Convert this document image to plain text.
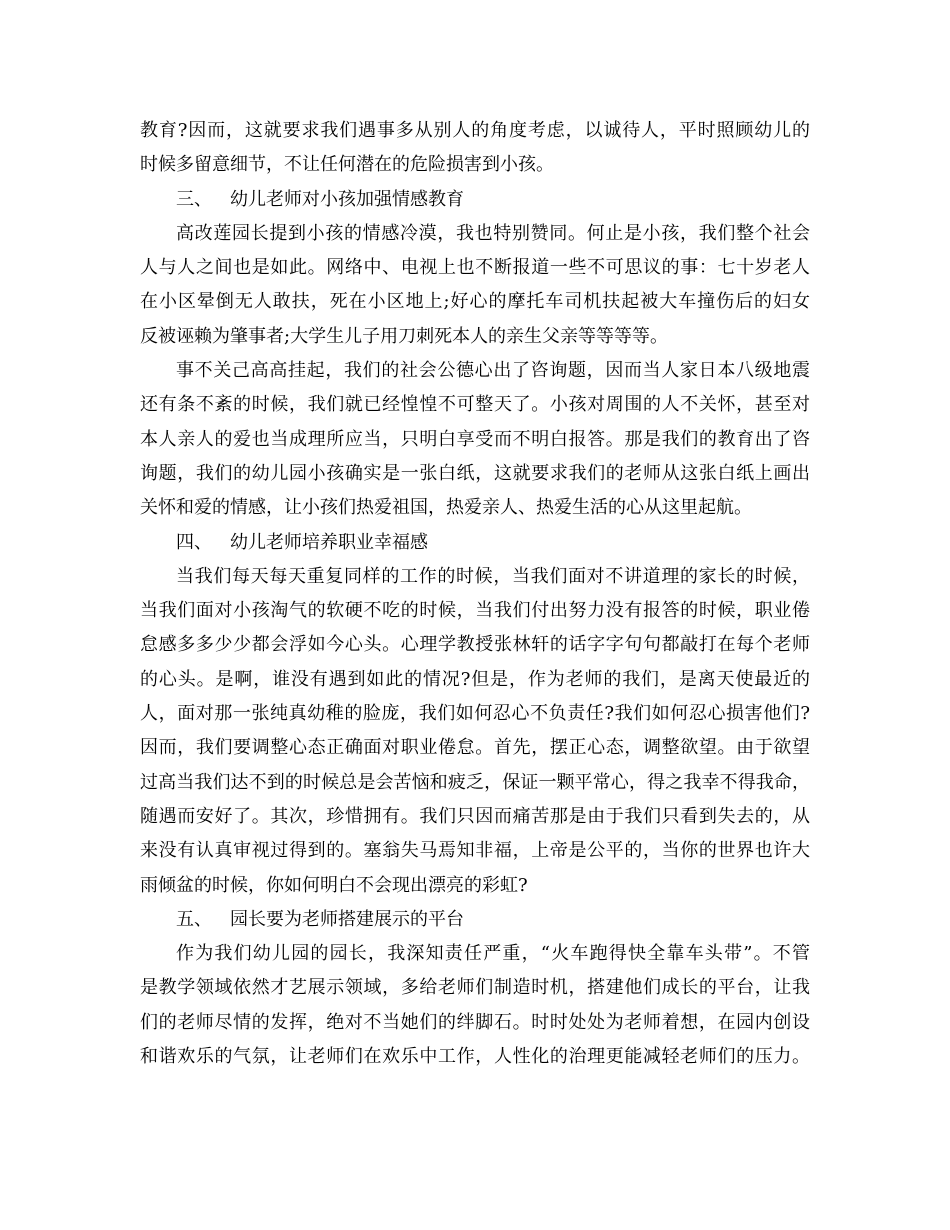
教育?因而，这就要求我们遇事多从别人的角度考虑，以诚待人，平时照顾幼儿的
时候多留意细节，不让任何潜在的危险损害到小孩。
三、 幼儿老师对小孩加强情感教育
高改莲园长提到小孩的情感冷漠，我也特别赞同。何止是小孩，我们整个社会
人与人之间也是如此。网络中、电视上也不断报道一些不可思议的事：七十岁老人
在小区晕倒无人敢扶，死在小区地上;好心的摩托车司机扶起被大车撞伤后的妇女
反被诬赖为肇事者;大学生儿子用刀刺死本人的亲生父亲等等等等。
事不关己高高挂起，我们的社会公德心出了咨询题，因而当人家日本八级地震
还有条不紊的时候，我们就已经惶惶不可整天了。小孩对周围的人不关怀，甚至对
本人亲人的爱也当成理所应当，只明白享受而不明白报答。那是我们的教育出了咨
询题，我们的幼儿园小孩确实是一张白纸，这就要求我们的老师从这张白纸上画出
关怀和爱的情感，让小孩们热爱祖国，热爱亲人、热爱生活的心从这里起航。
四、 幼儿老师培养职业幸福感
当我们每天每天重复同样的工作的时候，当我们面对不讲道理的家长的时候，
当我们面对小孩淘气的软硬不吃的时候，当我们付出努力没有报答的时候，职业倦
怠感多多少少都会浮如今心头。心理学教授张林轩的话字字句句都敲打在每个老师
的心头。是啊，谁没有遇到如此的情况?但是，作为老师的我们，是离天使最近的
人，面对那一张纯真幼稚的脸庞，我们如何忍心不负责任?我们如何忍心损害他们?
因而，我们要调整心态正确面对职业倦怠。首先，摆正心态，调整欲望。由于欲望
过高当我们达不到的时候总是会苦恼和疲乏，保证一颗平常心，得之我幸不得我命，
随遇而安好了。其次，珍惜拥有。我们只因而痛苦那是由于我们只看到失去的，从
来没有认真审视过得到的。塞翁失马焉知非福，上帝是公平的，当你的世界也许大
雨倾盆的时候，你如何明白不会现出漂亮的彩虹?
五、 园长要为老师搭建展示的平台
作为我们幼儿园的园长，我深知责任严重，“火车跑得快全靠车头带”。不管
是教学领域依然才艺展示领域，多给老师们制造时机，搭建他们成长的平台，让我
们的老师尽情的发挥，绝对不当她们的绊脚石。时时处处为老师着想，在园内创设
和谐欢乐的气氛，让老师们在欢乐中工作，人性化的治理更能减轻老师们的压力。
